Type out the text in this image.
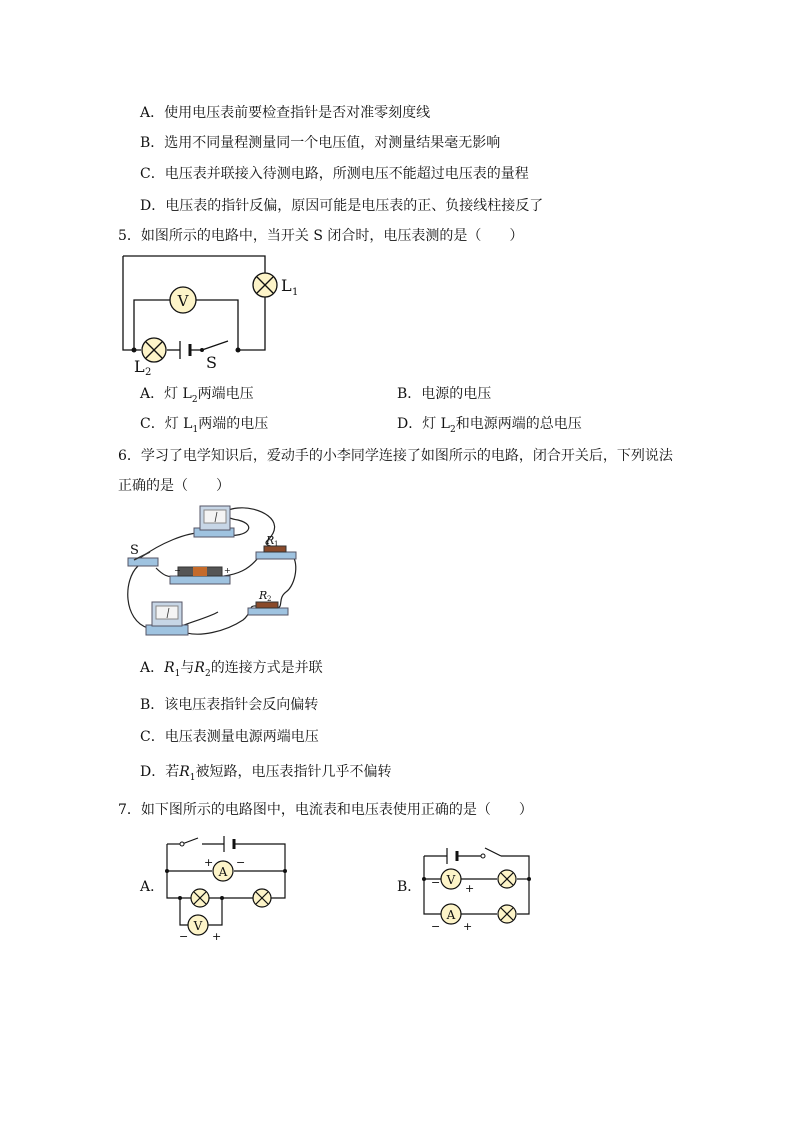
A．使用电压表前要检查指针是否对准零刻度线
B．选用不同量程测量同一个电压值，对测量结果毫无影响
C．电压表并联接入待测电路，所测电压不能超过电压表的量程
D．电压表的指针反偏，原因可能是电压表的正、负接线柱接反了
5．如图所示的电路中，当开关 S 闭合时，电压表测的是（　　）
V
L 1
L 2
S
A．灯 $L_2$两端电压	B．电源的电压
C．灯 $L_1$两端的电压	D．灯 $L_2$和电源两端的总电压
6．学习了电学知识后，爱动手的小李同学连接了如图所示的电路，闭合开关后，下列说法
正确的是（　　）
S
−	+
R 1
R 2
A．$R_1$与$R_2$的连接方式是并联
B．该电压表指针会反向偏转
C．电压表测量电源两端电压
D．若$R_1$被短路，电压表指针几乎不偏转
7．如下图所示的电路图中，电流表和电压表使用正确的是（　　）
A．
A
+ −
V
− +
B． V
− +
A
− +
